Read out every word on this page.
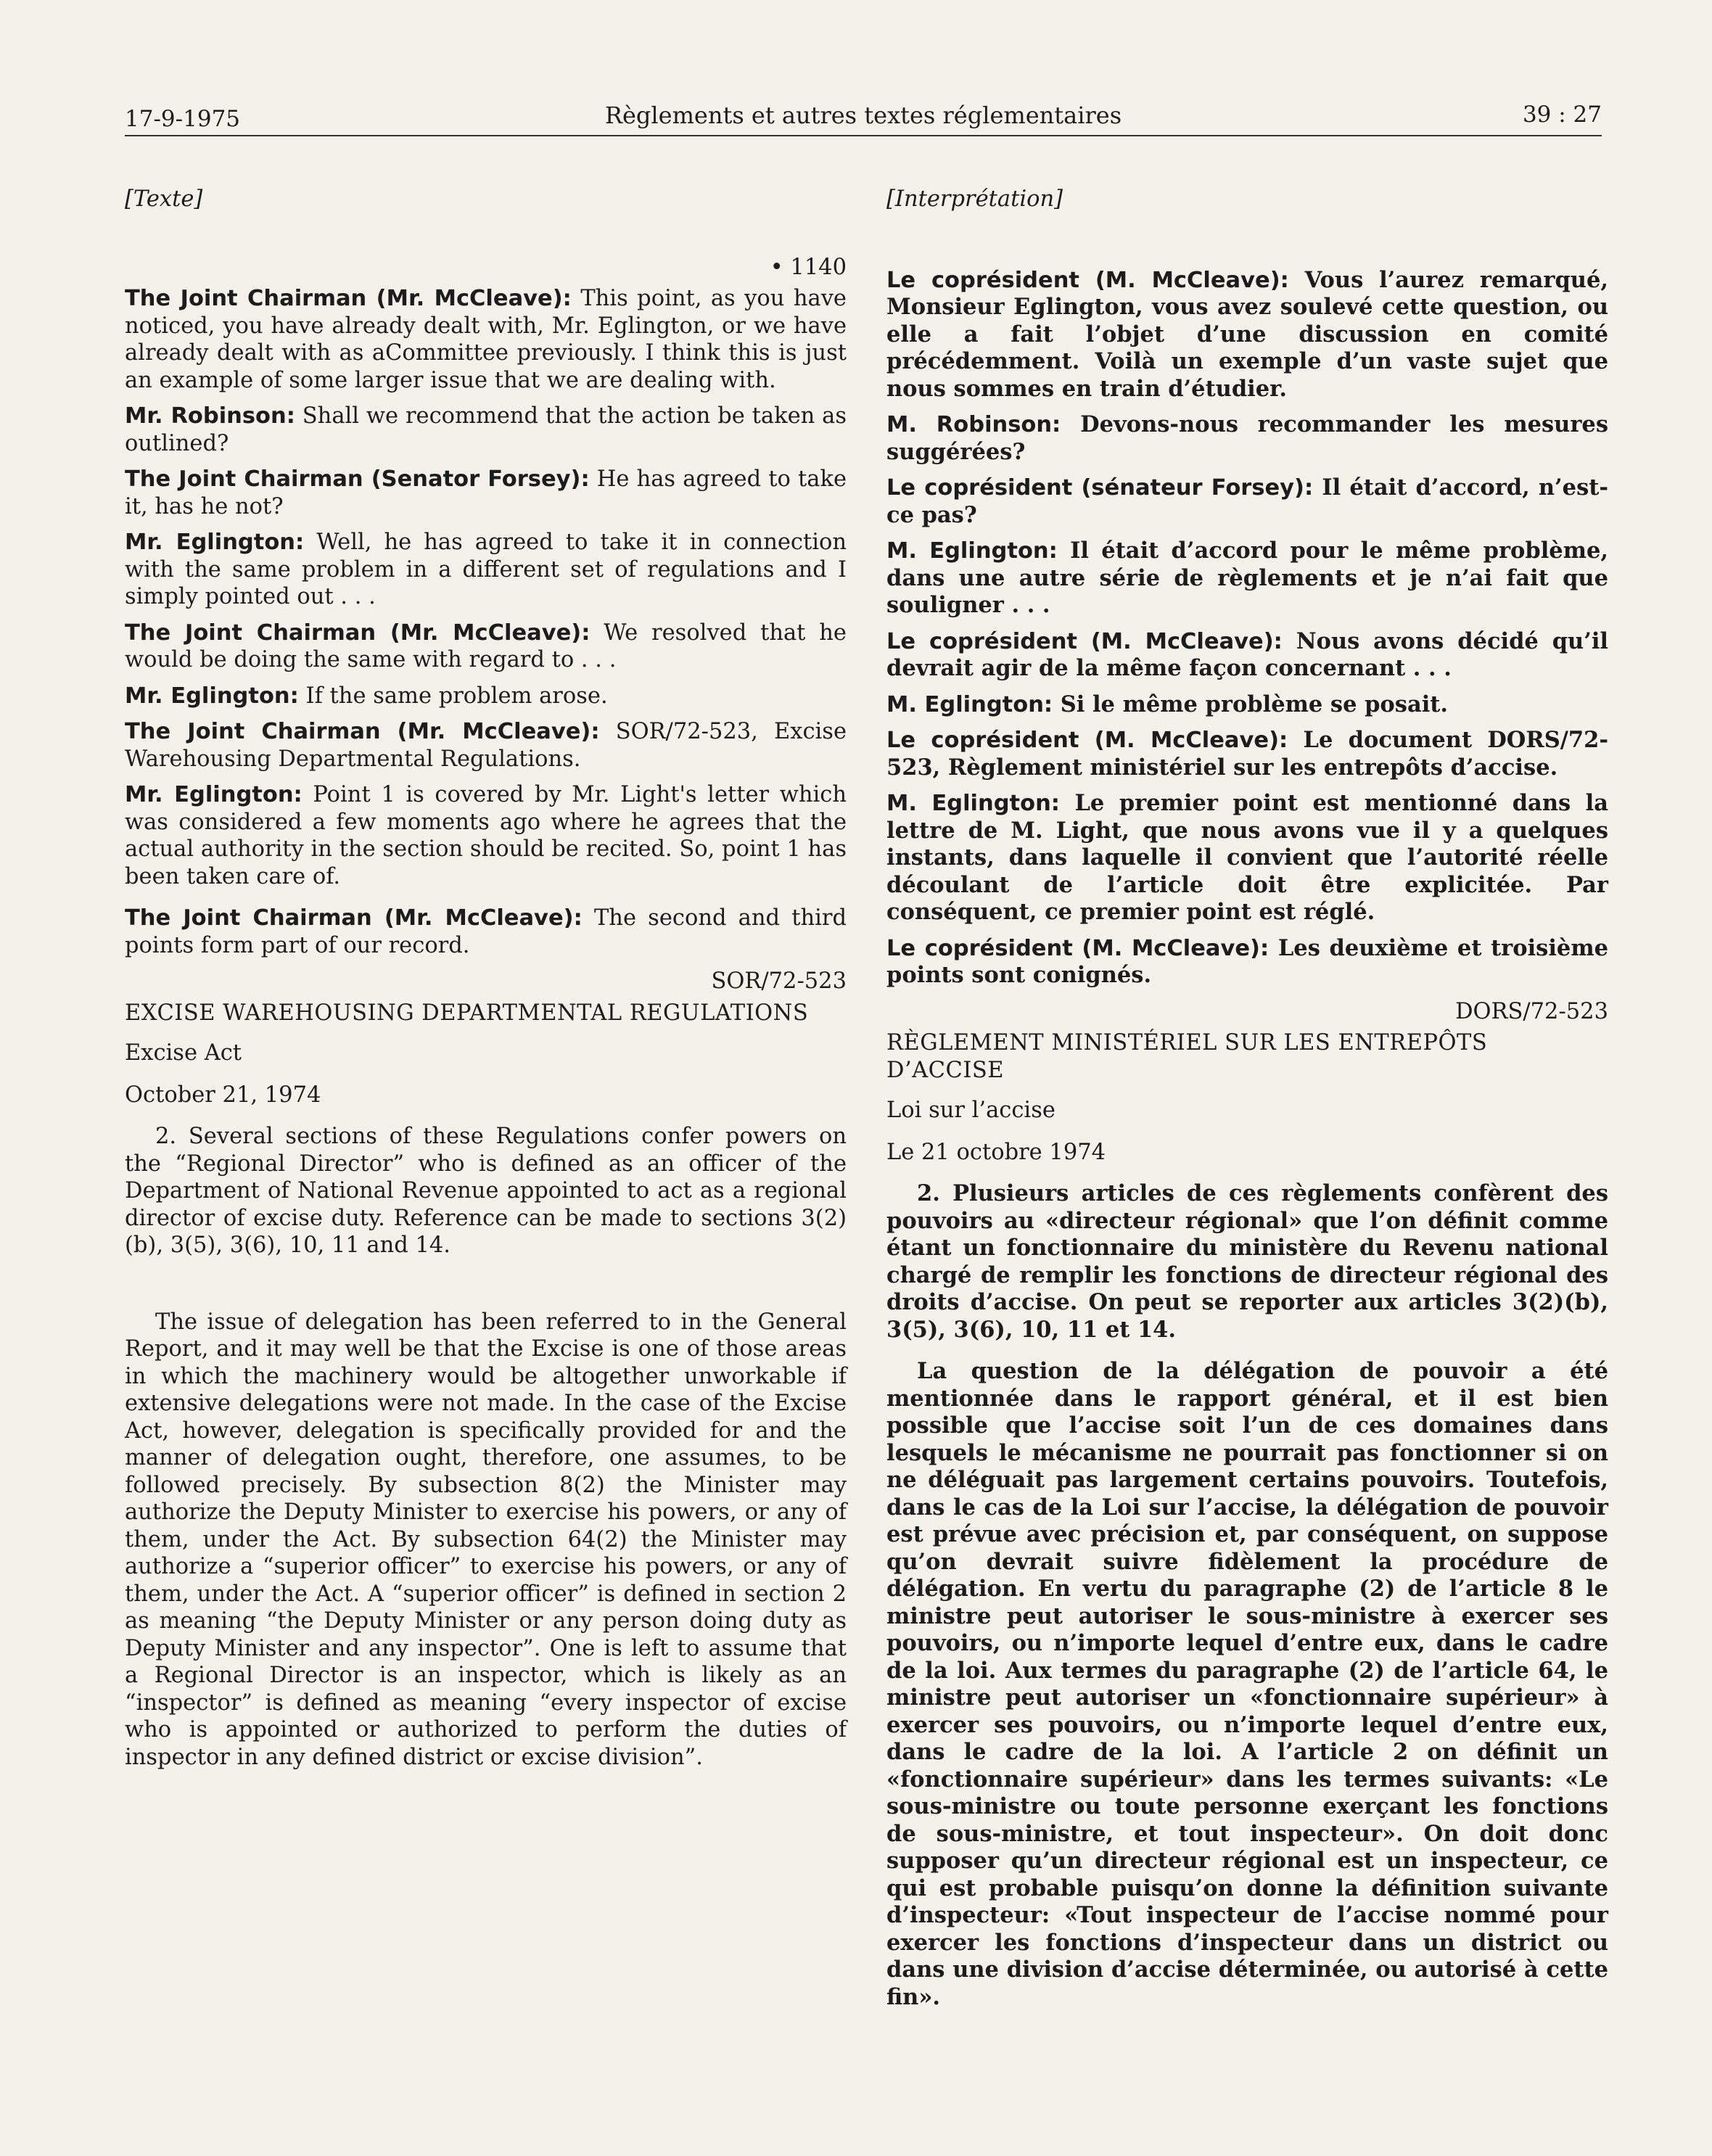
17-9-1975	Règlements et autres textes réglementaires	39 : 27

[Texte]

• 1140

The Joint Chairman (Mr. McCleave): This point, as you have noticed, you have already dealt with, Mr. Eglington, or we have already dealt with as aCommittee previously. I think this is just an example of some larger issue that we are dealing with.

Mr. Robinson: Shall we recommend that the action be taken as outlined?

The Joint Chairman (Senator Forsey): He has agreed to take it, has he not?

Mr. Eglington: Well, he has agreed to take it in connection with the same problem in a different set of regulations and I simply pointed out . . .

The Joint Chairman (Mr. McCleave): We resolved that he would be doing the same with regard to . . .

Mr. Eglington: If the same problem arose.

The Joint Chairman (Mr. McCleave): SOR/72-523, Excise Warehousing Departmental Regulations.

Mr. Eglington: Point 1 is covered by Mr. Light's letter which was considered a few moments ago where he agrees that the actual authority in the section should be recited. So, point 1 has been taken care of.

The Joint Chairman (Mr. McCleave): The second and third points form part of our record.

SOR/72-523

EXCISE WAREHOUSING DEPARTMENTAL REGULATIONS

Excise Act

October 21, 1974

2. Several sections of these Regulations confer powers on the “Regional Director” who is defined as an officer of the Department of National Revenue appointed to act as a regional director of excise duty. Reference can be made to sections 3(2)(b), 3(5), 3(6), 10, 11 and 14.

The issue of delegation has been referred to in the General Report, and it may well be that the Excise is one of those areas in which the machinery would be altogether unworkable if extensive delegations were not made. In the case of the Excise Act, however, delegation is specifically provided for and the manner of delegation ought, therefore, one assumes, to be followed precisely. By subsection 8(2) the Minister may authorize the Deputy Minister to exercise his powers, or any of them, under the Act. By subsection 64(2) the Minister may authorize a “superior officer” to exercise his powers, or any of them, under the Act. A “superior officer” is defined in section 2 as meaning “the Deputy Minister or any person doing duty as Deputy Minister and any inspector”. One is left to assume that a Regional Director is an inspector, which is likely as an “inspector” is defined as meaning “every inspector of excise who is appointed or authorized to perform the duties of inspector in any defined district or excise division”.

[Interprétation]

Le coprésident (M. McCleave): Vous l’aurez remarqué, Monsieur Eglington, vous avez soulevé cette question, ou elle a fait l’objet d’une discussion en comité précédemment. Voilà un exemple d’un vaste sujet que nous sommes en train d’étudier.

M. Robinson: Devons-nous recommander les mesures suggérées?

Le coprésident (sénateur Forsey): Il était d’accord, n’est-ce pas?

M. Eglington: Il était d’accord pour le même problème, dans une autre série de règlements et je n’ai fait que souligner . . .

Le coprésident (M. McCleave): Nous avons décidé qu’il devrait agir de la même façon concernant . . .

M. Eglington: Si le même problème se posait.

Le coprésident (M. McCleave): Le document DORS/72-523, Règlement ministériel sur les entrepôts d’accise.

M. Eglington: Le premier point est mentionné dans la lettre de M. Light, que nous avons vue il y a quelques instants, dans laquelle il convient que l’autorité réelle découlant de l’article doit être explicitée. Par conséquent, ce premier point est réglé.

Le coprésident (M. McCleave): Les deuxième et troisième points sont conignés.

DORS/72-523

RÈGLEMENT MINISTÉRIEL SUR LES ENTREPÔTS D’ACCISE

Loi sur l’accise

Le 21 octobre 1974

2. Plusieurs articles de ces règlements confèrent des pouvoirs au «directeur régional» que l’on définit comme étant un fonctionnaire du ministère du Revenu national chargé de remplir les fonctions de directeur régional des droits d’accise. On peut se reporter aux articles 3(2)(b), 3(5), 3(6), 10, 11 et 14.

La question de la délégation de pouvoir a été mentionnée dans le rapport général, et il est bien possible que l’accise soit l’un de ces domaines dans lesquels le mécanisme ne pourrait pas fonctionner si on ne déléguait pas largement certains pouvoirs. Toutefois, dans le cas de la Loi sur l’accise, la délégation de pouvoir est prévue avec précision et, par conséquent, on suppose qu’on devrait suivre fidèlement la procédure de délégation. En vertu du paragraphe (2) de l’article 8 le ministre peut autoriser le sous-ministre à exercer ses pouvoirs, ou n’importe lequel d’entre eux, dans le cadre de la loi. Aux termes du paragraphe (2) de l’article 64, le ministre peut autoriser un «fonctionnaire supérieur» à exercer ses pouvoirs, ou n’importe lequel d’entre eux, dans le cadre de la loi. A l’article 2 on définit un «fonctionnaire supérieur» dans les termes suivants: «Le sous-ministre ou toute personne exerçant les fonctions de sous-ministre, et tout inspecteur». On doit donc supposer qu’un directeur régional est un inspecteur, ce qui est probable puisqu’on donne la définition suivante d’inspecteur: «Tout inspecteur de l’accise nommé pour exercer les fonctions d’inspecteur dans un district ou dans une division d’accise déterminée, ou autorisé à cette fin».
